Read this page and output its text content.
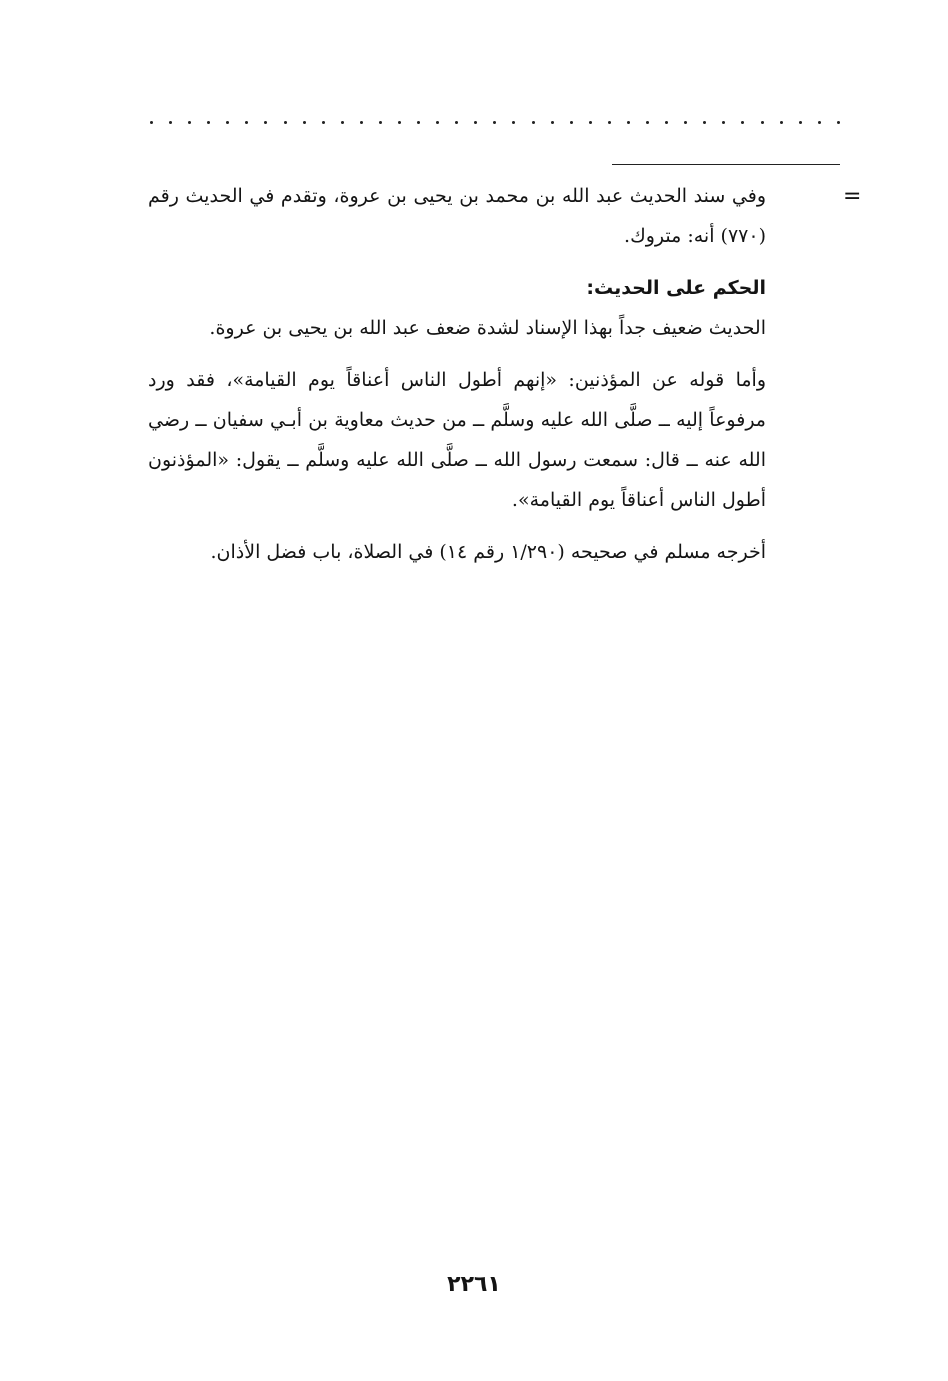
=

وفي سند الحديث عبد الله بن محمد بن يحيى بن عروة، وتقدم في الحديث رقم (٧٧٠) أنه: متروك.

الحكم على الحديث:

الحديث ضعيف جداً بهذا الإسناد لشدة ضعف عبد الله بن يحيى بن عروة.

وأما قوله عن المؤذنين: «إنهم أطول الناس أعناقاً يوم القيامة»، فقد ورد مرفوعاً إليه ــ صلَّى الله عليه وسلَّم ــ من حديث معاوية بن أبـي سفيان ــ رضي الله عنه ــ قال: سمعت رسول الله ــ صلَّى الله عليه وسلَّم ــ يقول: «المؤذنون أطول الناس أعناقاً يوم القيامة».

أخرجه مسلم في صحيحه (١/٢٩٠ رقم ١٤) في الصلاة، باب فضل الأذان.

٢٢٦١
